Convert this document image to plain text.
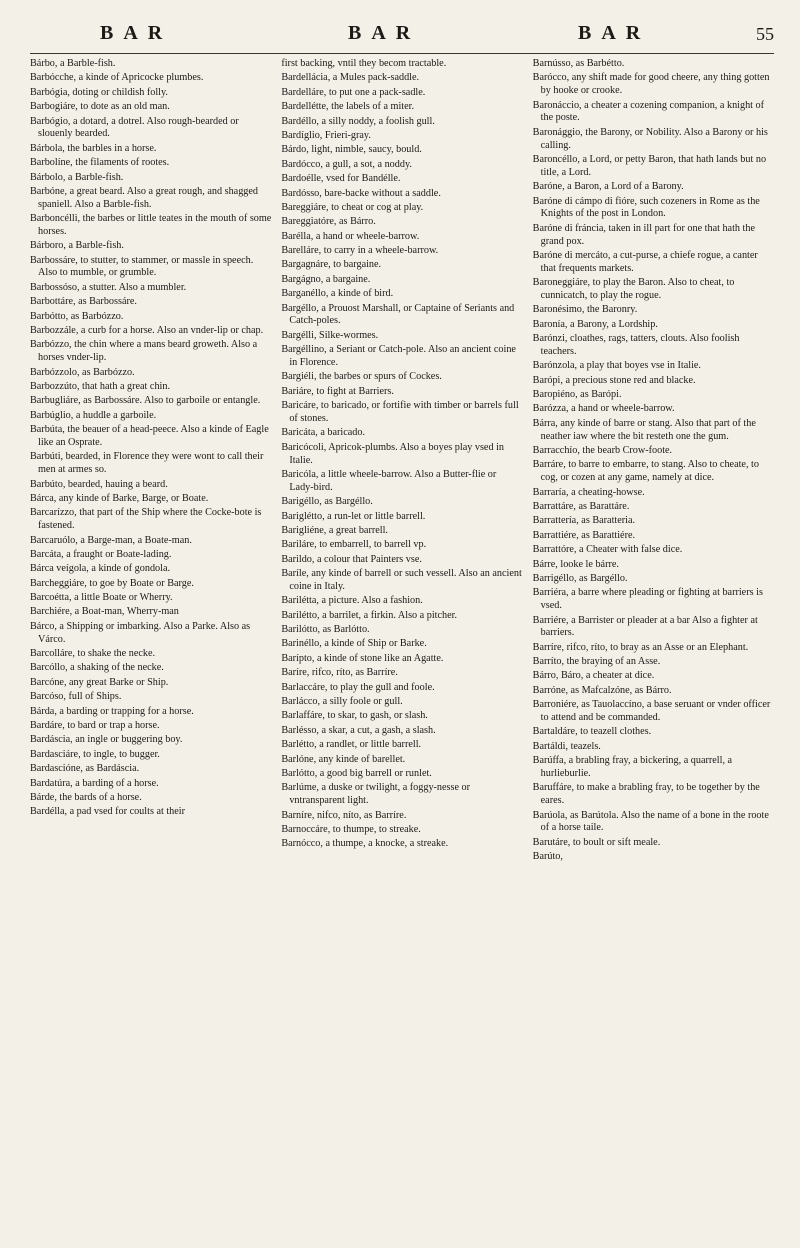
BAR	BAR	BAR	55

Bárbo, a Barble-fish.

Barbócche, a kinde of Apricocke plumbes.

Barbógia, doting or childish folly.

Barbogiáre, to dote as an old man.

Barbógio, a dotard, a dotrel. Also rough-bearded or slouenly bearded.

Bárbola, the barbles in a horse.

Barbolíne, the filaments of rootes.

Bárbolo, a Barble-fish.

Barbóne, a great beard. Also a great rough, and shagged spaniell. Also a Barble-fish.

Barboncélli, the barbes or little teates in the mouth of some horses.

Bárboro, a Barble-fish.

Barbossáre, to stutter, to stammer, or massle in speech. Also to mumble, or grumble.

Barbossóso, a stutter. Also a mumbler.

Barbottáre, as Barbossáre.

Barbótto, as Barbózzo.

Barbozzále, a curb for a horse. Also an vnder-lip or chap.

Barbózzo, the chin where a mans beard groweth. Also a horses vnder-lip.

Barbózzolo, as Barbózzo.

Barbozzúto, that hath a great chin.

Barbugliáre, as Barbossáre. Also to garboile or entangle.

Barbúglio, a huddle a garboile.

Barbúta, the beauer of a head-peece. Also a kinde of Eagle like an Osprate.

Barbúti, bearded, in Florence they were wont to call their men at armes so.

Barbúto, bearded, hauing a beard.

Bárca, any kinde of Barke, Barge, or Boate.

Barcarízzo, that part of the Ship where the Cocke-bote is fastened.

Barcaruólo, a Barge-man, a Boate-man.

Barcáta, a fraught or Boate-lading.

Bárca veígola, a kinde of gondola.

Barcheggiáre, to goe by Boate or Barge.

Barcoétta, a little Boate or Wherry.

Barchiére, a Boat-man, Wherry-man

Bárco, a Shipping or imbarking. Also a Parke. Also as Várco.

Barcolláre, to shake the necke.

Barcóllo, a shaking of the necke.

Barcóne, any great Barke or Ship.

Barcóso, full of Ships.

Bárda, a barding or trapping for a horse.

Bardáre, to bard or trap a horse.

Bardáscia, an ingle or buggering boy.

Bardasciáre, to ingle, to bugger.

Bardascióne, as Bardáscia.

Bardatúra, a barding of a horse.

Bárde, the bards of a horse.

Bardélla, a pad vsed for coults at their

first backing, vntil they becom tractable.

Bardellácia, a Mules pack-saddle.

Bardelláre, to put one a pack-sadle.

Bardellétte, the labels of a miter.

Bardéllo, a silly noddy, a foolish gull.

Bardíglio, Frieri-gray.

Bárdo, light, nimble, saucy, bould.

Bardócco, a gull, a sot, a noddy.

Bardoélle, vsed for Bandélle.

Bardósso, bare-backe without a saddle.

Bareggiáre, to cheat or cog at play.

Bareggiatóre, as Bárro.

Barélla, a hand or wheele-barrow.

Barelláre, to carry in a wheele-barrow.

Bargagnáre, to bargaine.

Bargágno, a bargaine.

Barganéllo, a kinde of bird.

Bargéllo, a Prouost Marshall, or Captaine of Seriants and Catch-poles.

Bargélli, Silke-wormes.

Bargéllino, a Seriant or Catch-pole. Also an ancient coine in Florence.

Bargiéli, the barbes or spurs of Cockes.

Bariáre, to fight at Barriers.

Baricáre, to baricado, or fortifie with timber or barrels full of stones.

Baricáta, a baricado.

Baricócoli, Apricok-plumbs. Also a boyes play vsed in Italie.

Baricóla, a little wheele-barrow. Also a Butter-flie or Lady-bird.

Barigéllo, as Bargéllo.

Bariglétto, a run-let or little barrell.

Barigliéne, a great barrell.

Bariláre, to embarrell, to barrell vp.

Barildo, a colour that Painters vse.

Baríle, any kinde of barrell or such vessell. Also an ancient coine in Italy.

Barilétta, a picture. Also a fashion.

Barilétto, a barrilet, a firkin. Also a pitcher.

Barilótto, as Barlótto.

Barinéllo, a kinde of Ship or Barke.

Barípto, a kinde of stone like an Agatte.

Baríre, rifco, ríto, as Barríre.

Barlaccáre, to play the gull and foole.

Barlácco, a silly foole or gull.

Barlaffáre, to skar, to gash, or slash.

Barlésso, a skar, a cut, a gash, a slash.

Barlétto, a randlet, or little barrell.

Barlóne, any kinde of barellet.

Barlótto, a good big barrell or runlet.

Barlúme, a duske or twilight, a foggy-nesse or vntransparent light.

Barníre, nifco, níto, as Barríre.

Barnoccáre, to thumpe, to streake.

Barnócco, a thumpe, a knocke, a streake.

Barnússo, as Barbétto.

Barócco, any shift made for good cheere, any thing gotten by hooke or crooke.

Baronáccio, a cheater a cozening companion, a knight of the poste.

Baronággio, the Barony, or Nobility. Also a Barony or his calling.

Baroncéllo, a Lord, or petty Baron, that hath lands but no title, a Lord.

Baróne, a Baron, a Lord of a Barony.

Baróne di cámpo di fióre, such cozeners in Rome as the Knights of the post in London.

Baróne di fráncia, taken in ill part for one that hath the grand pox.

Baróne di mercáto, a cut-purse, a chiefe rogue, a canter that frequents markets.

Baroneggiáre, to play the Baron. Also to cheat, to cunnicatch, to play the rogue.

Baronésimo, the Baronry.

Baronía, a Barony, a Lordship.

Barónzi, cloathes, rags, tatters, clouts. Also foolish teachers.

Barónzola, a play that boyes vse in Italie.

Barópi, a precious stone red and blacke.

Baropiéno, as Barópi.

Barózza, a hand or wheele-barrow.

Bárra, any kinde of barre or stang. Also that part of the neather iaw where the bit resteth one the gum.

Barracchío, the bearb Crow-foote.

Barráre, to barre to embarre, to stang. Also to cheate, to cog, or cozen at any game, namely at dice.

Barraría, a cheating-howse.

Barrattáre, as Barattáre.

Barrattería, as Baratteria.

Barrattiére, as Barattiére.

Barrattóre, a Cheater with false dice.

Bárre, looke le bárre.

Barrigéllo, as Bargéllo.

Barriéra, a barre where pleading or fighting at barriers is vsed.

Barriére, a Barrister or pleader at a bar Also a fighter at barriers.

Barríre, rifco, ríto, to bray as an Asse or an Elephant.

Barríto, the braying of an Asse.

Bárro, Báro, a cheater at dice.

Barróne, as Mafcalzóne, as Bárro.

Barroniére, as Tauolaccíno, a base seruant or vnder officer to attend and be commanded.

Bartaldáre, to teazell clothes.

Bartáldi, teazels.

Barúffa, a brabling fray, a bickering, a quarrell, a hurlieburlie.

Baruffáre, to make a brabling fray, to be together by the eares.

Barúola, as Barútola. Also the name of a bone in the roote of a horse taile.

Barutáre, to boult or sift meale.

Barúto,
